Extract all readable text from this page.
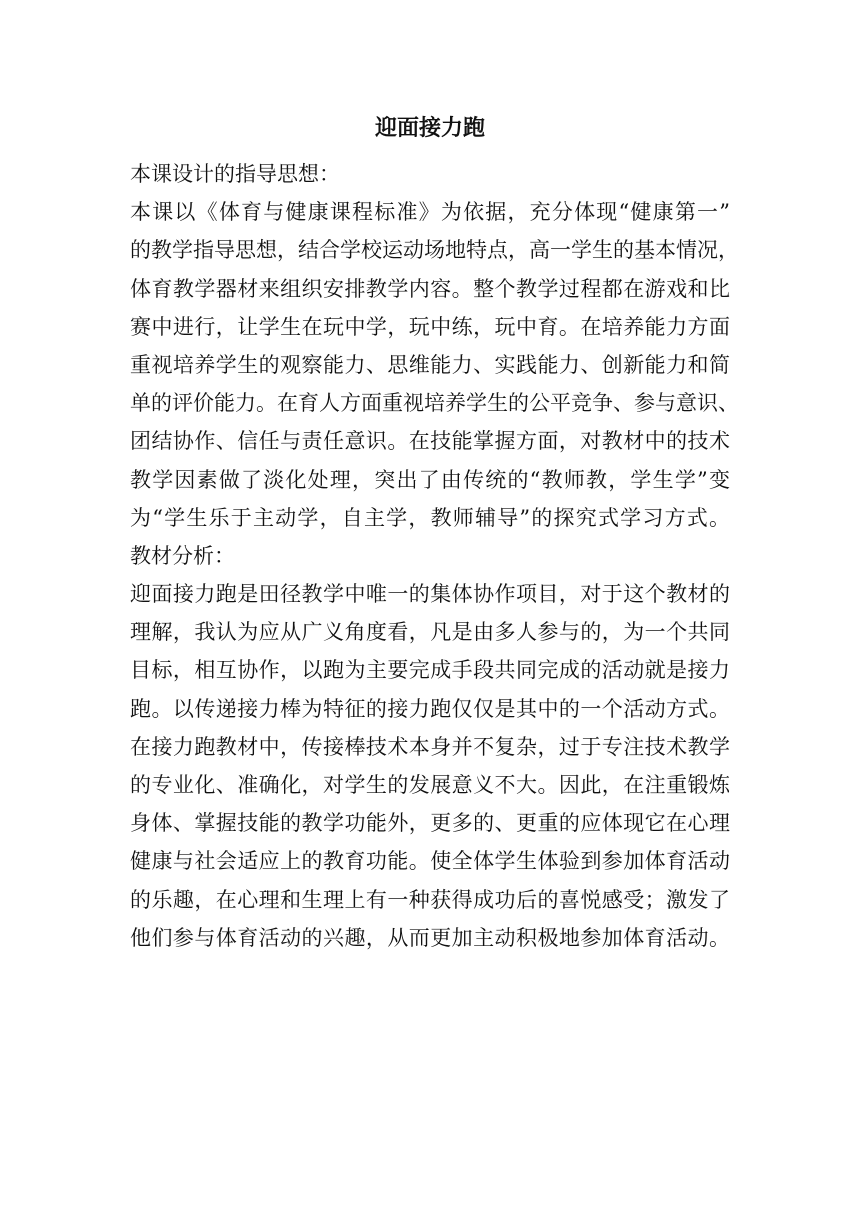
迎面接力跑
本课设计的指导思想：
本课以《体育与健康课程标准》为依据，充分体现“健康第一”
的教学指导思想，结合学校运动场地特点，高一学生的基本情况，
体育教学器材来组织安排教学内容。整个教学过程都在游戏和比
赛中进行，让学生在玩中学，玩中练，玩中育。在培养能力方面
重视培养学生的观察能力、思维能力、实践能力、创新能力和简
单的评价能力。在育人方面重视培养学生的公平竞争、参与意识、
团结协作、信任与责任意识。在技能掌握方面，对教材中的技术
教学因素做了淡化处理，突出了由传统的“教师教，学生学”变
为“学生乐于主动学，自主学，教师辅导”的探究式学习方式。
教材分析：
迎面接力跑是田径教学中唯一的集体协作项目，对于这个教材的
理解，我认为应从广义角度看，凡是由多人参与的，为一个共同
目标，相互协作，以跑为主要完成手段共同完成的活动就是接力
跑。以传递接力棒为特征的接力跑仅仅是其中的一个活动方式。
在接力跑教材中，传接棒技术本身并不复杂，过于专注技术教学
的专业化、准确化，对学生的发展意义不大。因此，在注重锻炼
身体、掌握技能的教学功能外，更多的、更重的应体现它在心理
健康与社会适应上的教育功能。使全体学生体验到参加体育活动
的乐趣，在心理和生理上有一种获得成功后的喜悦感受；激发了
他们参与体育活动的兴趣，从而更加主动积极地参加体育活动。
